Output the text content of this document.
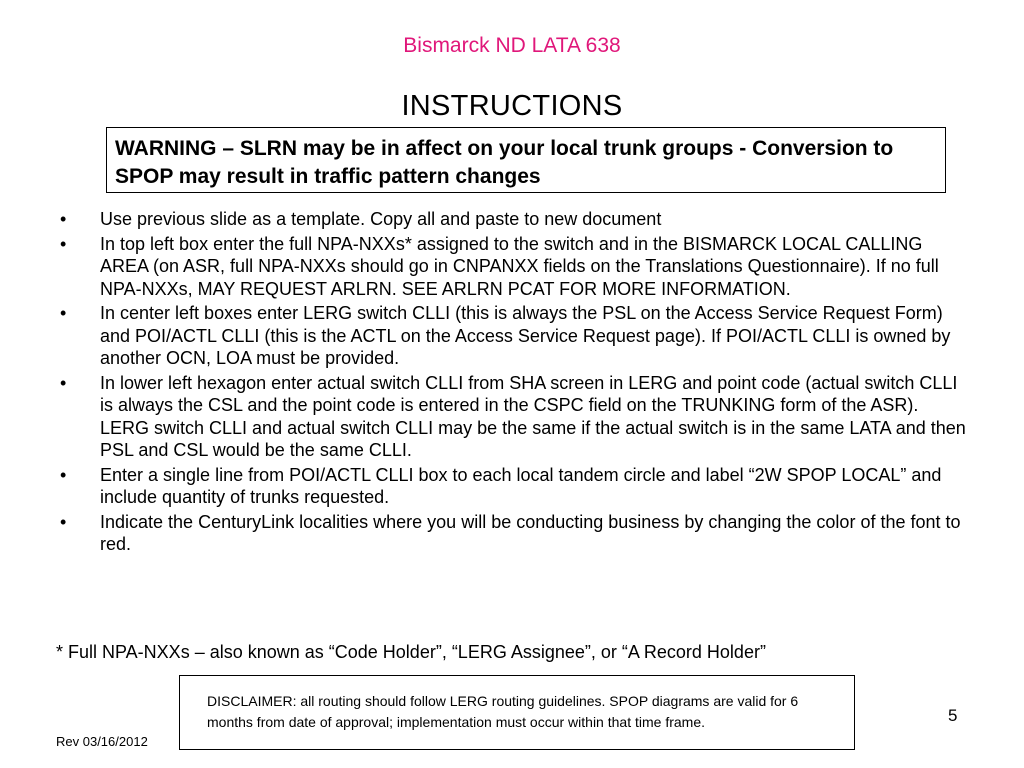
Bismarck ND LATA 638
INSTRUCTIONS
WARNING – SLRN may be in affect on your local trunk groups - Conversion to SPOP may result in traffic pattern changes
•	Use previous slide as a template. Copy all and paste to new document
•	In top left box enter the full NPA-NXXs* assigned to the switch and in the BISMARCK LOCAL CALLING AREA (on ASR, full NPA-NXXs should go in CNPANXX fields on the Translations Questionnaire). If no full NPA-NXXs, MAY REQUEST ARLRN. SEE ARLRN PCAT FOR MORE INFORMATION.
•	In center left boxes enter LERG switch CLLI (this is always the PSL on the Access Service Request Form) and POI/ACTL CLLI (this is the ACTL on the Access Service Request page). If POI/ACTL CLLI is owned by another OCN, LOA must be provided.
•	In lower left hexagon enter actual switch CLLI from SHA screen in LERG and point code (actual switch CLLI is always the CSL and the point code is entered in the CSPC field on the TRUNKING form of the ASR). LERG switch CLLI and actual switch CLLI may be the same if the actual switch is in the same LATA and then PSL and CSL would be the same CLLI.
•	Enter a single line from POI/ACTL CLLI box to each local tandem circle and label “2W SPOP LOCAL” and include quantity of trunks requested.
•	Indicate the CenturyLink localities where you will be conducting business by changing the color of the font to red.
* Full NPA-NXXs – also known as “Code Holder”, “LERG Assignee”, or “A Record Holder”
DISCLAIMER: all routing should follow LERG routing guidelines. SPOP diagrams are valid for 6 months from date of approval; implementation must occur within that time frame.
Rev 03/16/2012
5
